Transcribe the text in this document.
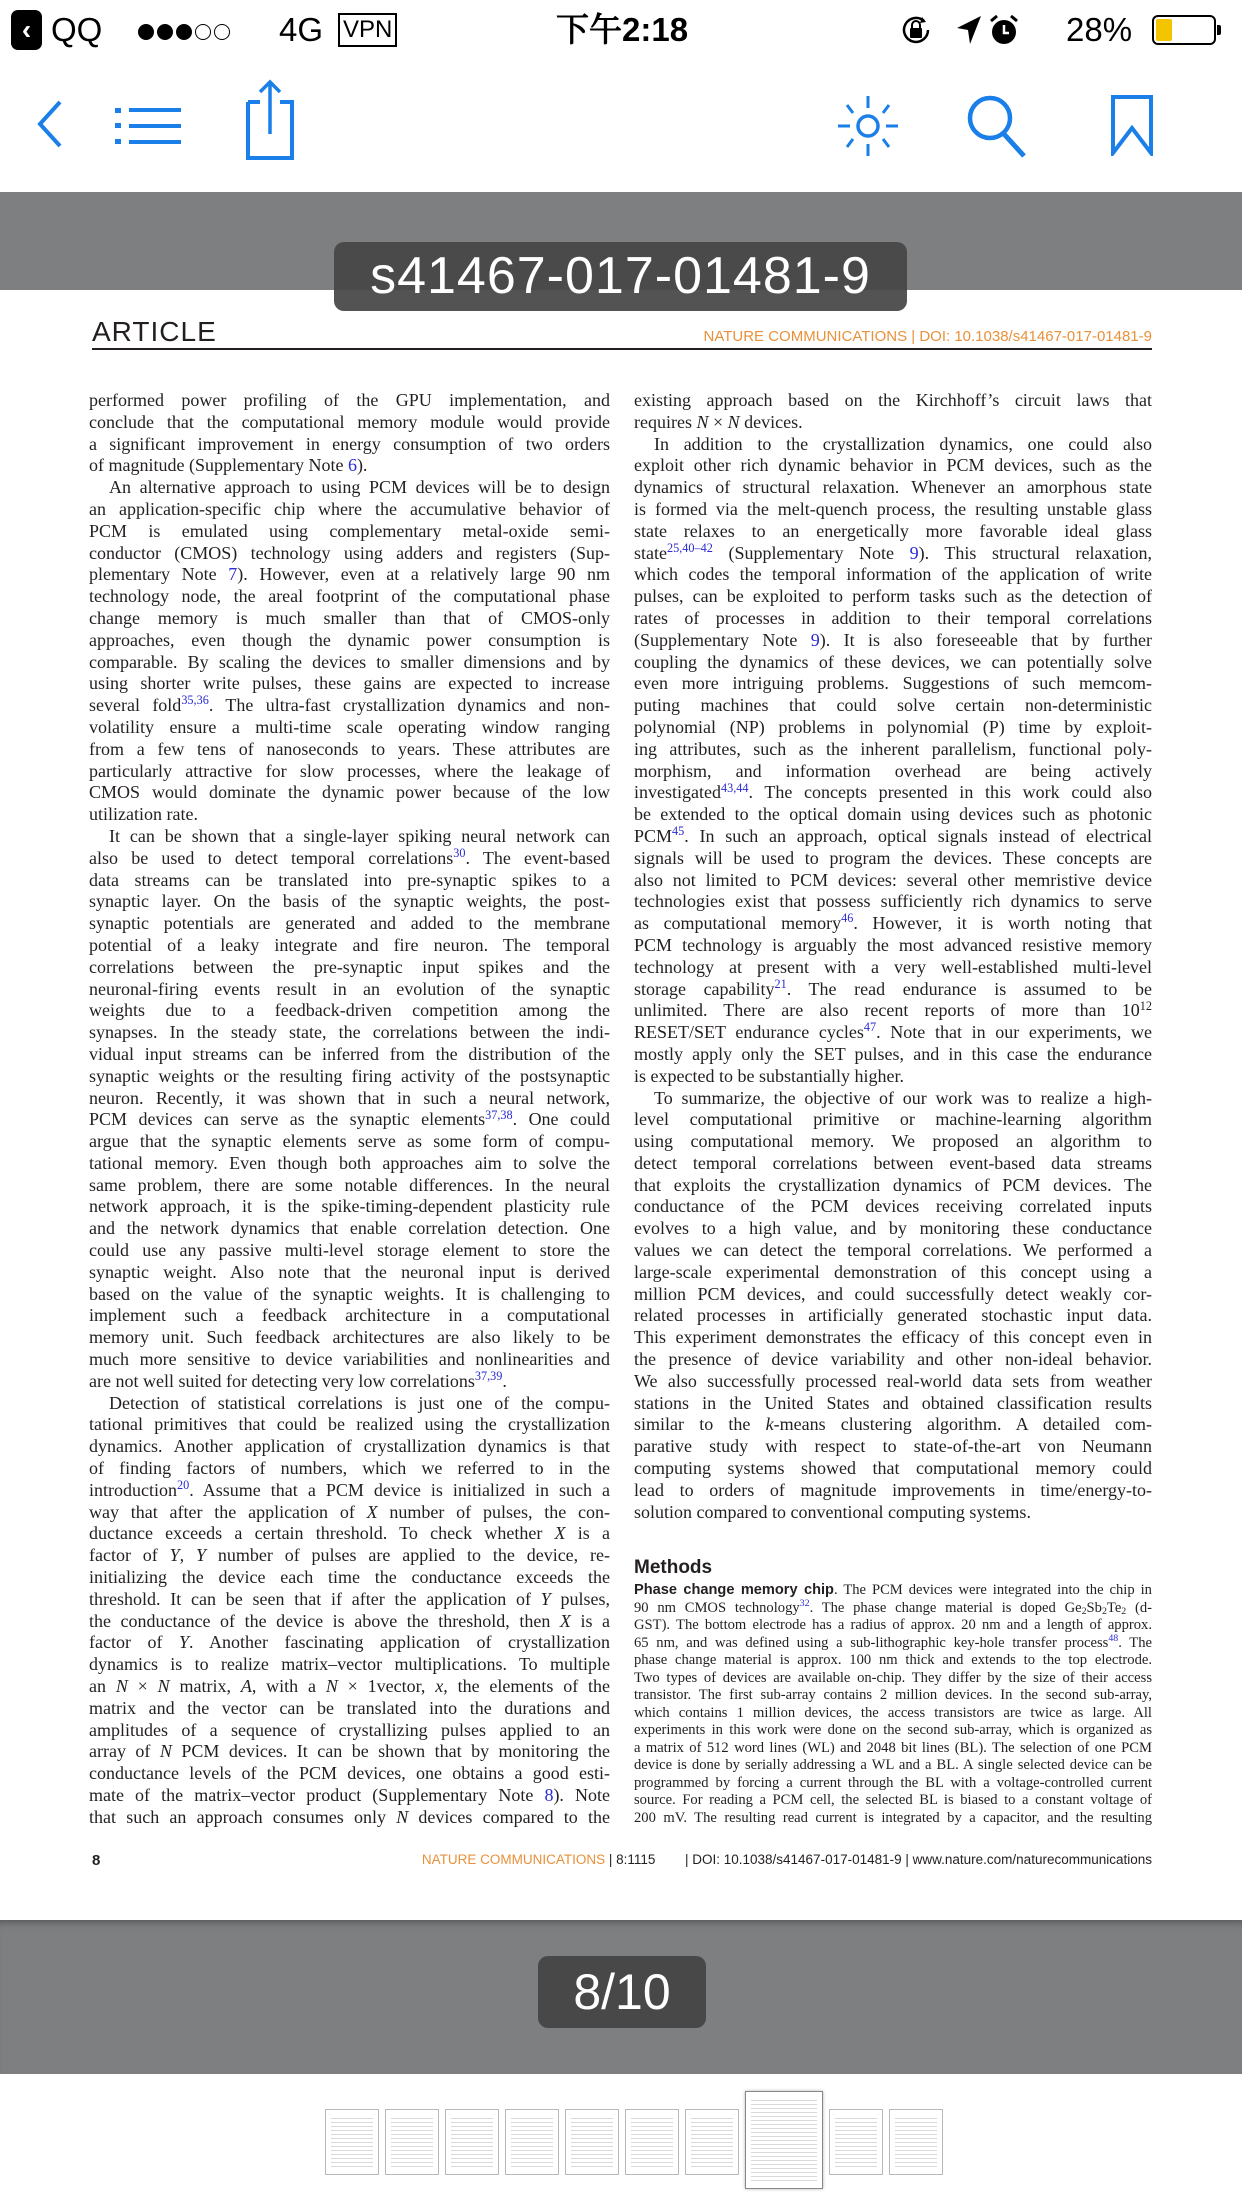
‹ QQ	4G VPN	下午2:18	28%
s41467-017-01481-9
ARTICLE	NATURE COMMUNICATIONS | DOI: 10.1038/s41467-017-01481-9
performed power profiling of the GPU implementation, and
conclude that the computational memory module would provide
a significant improvement in energy consumption of two orders
of magnitude (Supplementary Note 6).
An alternative approach to using PCM devices will be to design
an application-specific chip where the accumulative behavior of
PCM is emulated using complementary metal-oxide semi-
conductor (CMOS) technology using adders and registers (Sup-
plementary Note 7). However, even at a relatively large 90 nm
technology node, the areal footprint of the computational phase
change memory is much smaller than that of CMOS-only
approaches, even though the dynamic power consumption is
comparable. By scaling the devices to smaller dimensions and by
using shorter write pulses, these gains are expected to increase
several fold$^{35,36}$. The ultra-fast crystallization dynamics and non-
volatility ensure a multi-time scale operating window ranging
from a few tens of nanoseconds to years. These attributes are
particularly attractive for slow processes, where the leakage of
CMOS would dominate the dynamic power because of the low
utilization rate.
It can be shown that a single-layer spiking neural network can
also be used to detect temporal correlations$^{30}$. The event-based
data streams can be translated into pre-synaptic spikes to a
synaptic layer. On the basis of the synaptic weights, the post-
synaptic potentials are generated and added to the membrane
potential of a leaky integrate and fire neuron. The temporal
correlations between the pre-synaptic input spikes and the
neuronal-firing events result in an evolution of the synaptic
weights due to a feedback-driven competition among the
synapses. In the steady state, the correlations between the indi-
vidual input streams can be inferred from the distribution of the
synaptic weights or the resulting firing activity of the postsynaptic
neuron. Recently, it was shown that in such a neural network,
PCM devices can serve as the synaptic elements$^{37,38}$. One could
argue that the synaptic elements serve as some form of compu-
tational memory. Even though both approaches aim to solve the
same problem, there are some notable differences. In the neural
network approach, it is the spike-timing-dependent plasticity rule
and the network dynamics that enable correlation detection. One
could use any passive multi-level storage element to store the
synaptic weight. Also note that the neuronal input is derived
based on the value of the synaptic weights. It is challenging to
implement such a feedback architecture in a computational
memory unit. Such feedback architectures are also likely to be
much more sensitive to device variabilities and nonlinearities and
are not well suited for detecting very low correlations$^{37,39}$.
Detection of statistical correlations is just one of the compu-
tational primitives that could be realized using the crystallization
dynamics. Another application of crystallization dynamics is that
of finding factors of numbers, which we referred to in the
introduction$^{20}$. Assume that a PCM device is initialized in such a
way that after the application of X number of pulses, the con-
ductance exceeds a certain threshold. To check whether X is a
factor of Y, Y number of pulses are applied to the device, re-
initializing the device each time the conductance exceeds the
threshold. It can be seen that if after the application of Y pulses,
the conductance of the device is above the threshold, then X is a
factor of Y. Another fascinating application of crystallization
dynamics is to realize matrix–vector multiplications. To multiple
an N × N matrix, A, with a N × 1vector, x, the elements of the
matrix and the vector can be translated into the durations and
amplitudes of a sequence of crystallizing pulses applied to an
array of N PCM devices. It can be shown that by monitoring the
conductance levels of the PCM devices, one obtains a good esti-
mate of the matrix–vector product (Supplementary Note 8). Note
that such an approach consumes only N devices compared to the
existing approach based on the Kirchhoff’s circuit laws that
requires N × N devices.
In addition to the crystallization dynamics, one could also
exploit other rich dynamic behavior in PCM devices, such as the
dynamics of structural relaxation. Whenever an amorphous state
is formed via the melt-quench process, the resulting unstable glass
state relaxes to an energetically more favorable ideal glass
state$^{25,40-42}$ (Supplementary Note 9). This structural relaxation,
which codes the temporal information of the application of write
pulses, can be exploited to perform tasks such as the detection of
rates of processes in addition to their temporal correlations
(Supplementary Note 9). It is also foreseeable that by further
coupling the dynamics of these devices, we can potentially solve
even more intriguing problems. Suggestions of such memcom-
puting machines that could solve certain non-deterministic
polynomial (NP) problems in polynomial (P) time by exploit-
ing attributes, such as the inherent parallelism, functional poly-
morphism, and information overhead are being actively
investigated$^{43,44}$. The concepts presented in this work could also
be extended to the optical domain using devices such as photonic
PCM$^{45}$. In such an approach, optical signals instead of electrical
signals will be used to program the devices. These concepts are
also not limited to PCM devices: several other memristive device
technologies exist that possess sufficiently rich dynamics to serve
as computational memory$^{46}$. However, it is worth noting that
PCM technology is arguably the most advanced resistive memory
technology at present with a very well-established multi-level
storage capability$^{21}$. The read endurance is assumed to be
unlimited. There are also recent reports of more than $10^{12}$
RESET/SET endurance cycles$^{47}$. Note that in our experiments, we
mostly apply only the SET pulses, and in this case the endurance
is expected to be substantially higher.
To summarize, the objective of our work was to realize a high-
level computational primitive or machine-learning algorithm
using computational memory. We proposed an algorithm to
detect temporal correlations between event-based data streams
that exploits the crystallization dynamics of PCM devices. The
conductance of the PCM devices receiving correlated inputs
evolves to a high value, and by monitoring these conductance
values we can detect the temporal correlations. We performed a
large-scale experimental demonstration of this concept using a
million PCM devices, and could successfully detect weakly cor-
related processes in artificially generated stochastic input data.
This experiment demonstrates the efficacy of this concept even in
the presence of device variability and other non-ideal behavior.
We also successfully processed real-world data sets from weather
stations in the United States and obtained classification results
similar to the k-means clustering algorithm. A detailed com-
parative study with respect to state-of-the-art von Neumann
computing systems showed that computational memory could
lead to orders of magnitude improvements in time/energy-to-
solution compared to conventional computing systems.
Methods
Phase change memory chip. The PCM devices were integrated into the chip in
90 nm CMOS technology$^{32}$. The phase change material is doped $Ge_2Sb_2Te_2$ (d-
GST). The bottom electrode has a radius of approx. 20 nm and a length of approx.
65 nm, and was defined using a sub-lithographic key-hole transfer process$^{48}$. The
phase change material is approx. 100 nm thick and extends to the top electrode.
Two types of devices are available on-chip. They differ by the size of their access
transistor. The first sub-array contains 2 million devices. In the second sub-array,
which contains 1 million devices, the access transistors are twice as large. All
experiments in this work were done on the second sub-array, which is organized as
a matrix of 512 word lines (WL) and 2048 bit lines (BL). The selection of one PCM
device is done by serially addressing a WL and a BL. A single selected device can be
programmed by forcing a current through the BL with a voltage-controlled current
source. For reading a PCM cell, the selected BL is biased to a constant voltage of
200 mV. The resulting read current is integrated by a capacitor, and the resulting
8	NATURE COMMUNICATIONS | 8:1115 | DOI: 10.1038/s41467-017-01481-9 | www.nature.com/naturecommunications
8/10
